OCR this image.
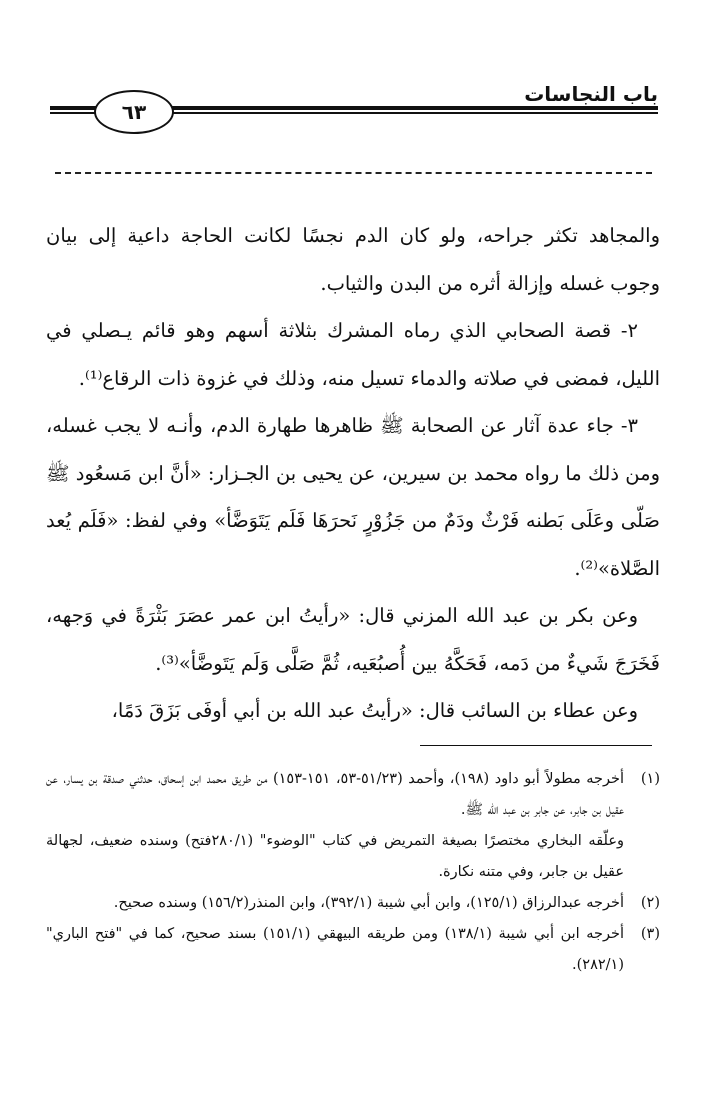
٦٣
باب النجاسات

والمجاهد تكثر جراحه، ولو كان الدم نجسًا لكانت الحاجة داعية إلى بيان وجوب غسله وإزالة أثره من البدن والثياب.

٢- قصة الصحابي الذي رماه المشرك بثلاثة أسهم وهو قائم يـصلي في الليل، فمضى في صلاته والدماء تسيل منه، وذلك في غزوة ذات الرقاع⁽¹⁾.

٣- جاء عدة آثار عن الصحابة ﷺ ظاهرها طهارة الدم، وأنـه لا يجب غسله، ومن ذلك ما رواه محمد بن سيرين، عن يحيى بن الجـزار: «أنَّ ابن مَسعُود ﷺ صَلّى وعَلَى بَطنه فَرْثٌ ودَمٌ من جَزُوْرٍ نَحرَهَا فَلَم يَتَوَضَّأ» وفي لفظ: «فَلَم يُعد الصَّلاة»⁽²⁾.

وعن بكر بن عبد الله المزني قال: «رأيتُ ابن عمر عصَرَ بَثْرَةً في وَجهه، فَخَرَجَ شَيءٌ من دَمه، فَحَكَّهُ بين أُصبُعَيه، ثُمَّ صَلَّى وَلَم يَتَوضَّأ»⁽³⁾.

وعن عطاء بن السائب قال: «رأيتُ عبد الله بن أبي أوفَى بَزَقَ دَمًا،

(١)أخرجه مطولاً أبو داود (١٩٨)، وأحمد (٥١/٢٣-٥٣، ١٥١-١٥٣) من طريق محمد ابن إسحاق، حدثني صدقة بن يسار، عن عقيل بن جابر، عن جابر بن عبد الله ﷺ.

وعلّقه البخاري مختصرًا بصيغة التمريض في كتاب "الوضوء" (٢٨٠/١فتح) وسنده ضعيف، لجهالة عقيل بن جابر، وفي متنه نكارة.

(٢)أخرجه عبدالرزاق (١٢٥/١)، وابن أبي شيبة (٣٩٢/١)، وابن المنذر(١٥٦/٢) وسنده صحيح.

(٣)أخرجه ابن أبي شيبة (١٣٨/١) ومن طريقه البيهقي (١٥١/١) بسند صحيح، كما في "فتح الباري" (٢٨٢/١).
